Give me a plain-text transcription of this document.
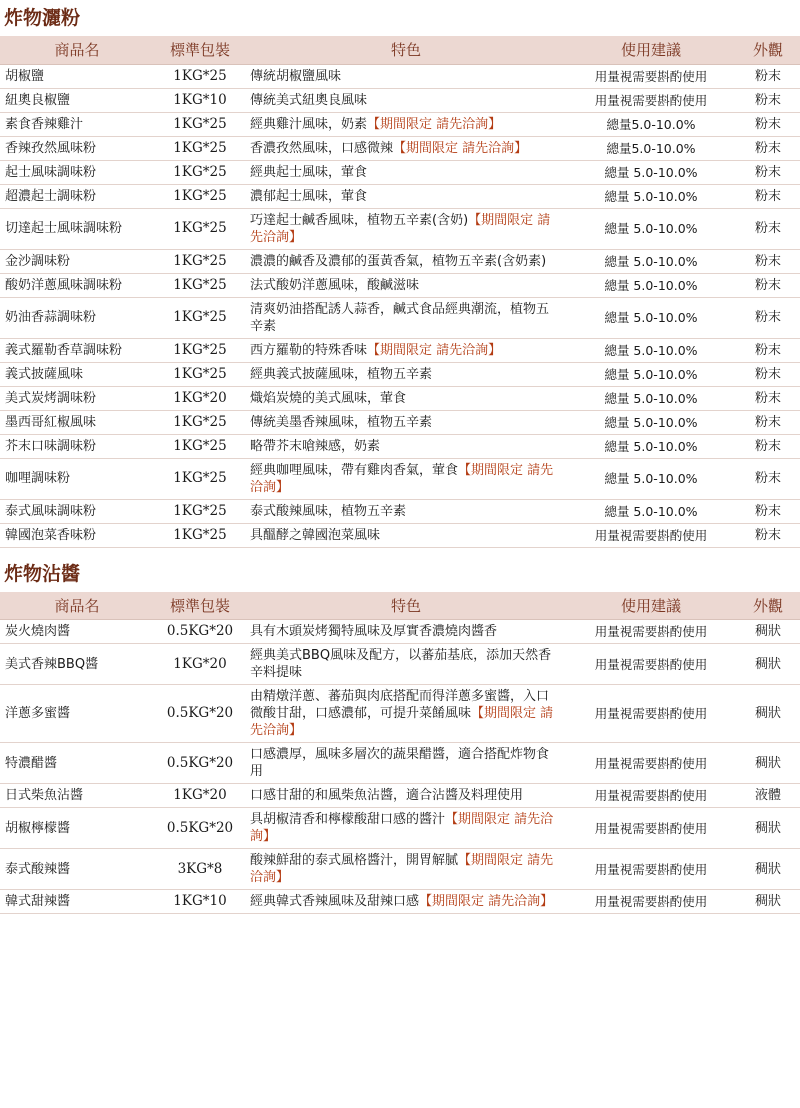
炸物灑粉
商品名	標準包裝	特色	使用建議	外觀
胡椒鹽	1KG*25	傳統胡椒鹽風味	用量視需要斟酌使用	粉末
紐奧良椒鹽	1KG*10	傳統美式紐奧良風味	用量視需要斟酌使用	粉末
素食香辣雞汁	1KG*25	經典雞汁風味，奶素【期間限定 請先洽詢】	總量5.0-10.0%	粉末
香辣孜然風味粉	1KG*25	香濃孜然風味，口感微辣【期間限定 請先洽詢】	總量5.0-10.0%	粉末
起士風味調味粉	1KG*25	經典起士風味，葷食	總量 5.0-10.0%	粉末
超濃起士調味粉	1KG*25	濃郁起士風味，葷食	總量 5.0-10.0%	粉末
切達起士風味調味粉	1KG*25	巧達起士鹹香風味，植物五辛素(含奶)【期間限定 請先洽詢】	總量 5.0-10.0%	粉末
金沙調味粉	1KG*25	濃濃的鹹香及濃郁的蛋黃香氣，植物五辛素(含奶素)	總量 5.0-10.0%	粉末
酸奶洋蔥風味調味粉	1KG*25	法式酸奶洋蔥風味，酸鹹滋味	總量 5.0-10.0%	粉末
奶油香蒜調味粉	1KG*25	清爽奶油搭配誘人蒜香，鹹式食品經典潮流，植物五辛素	總量 5.0-10.0%	粉末
義式羅勒香草調味粉	1KG*25	西方羅勒的特殊香味【期間限定 請先洽詢】	總量 5.0-10.0%	粉末
義式披薩風味	1KG*25	經典義式披薩風味，植物五辛素	總量 5.0-10.0%	粉末
美式炭烤調味粉	1KG*20	熾焰炭燒的美式風味，葷食	總量 5.0-10.0%	粉末
墨西哥紅椒風味	1KG*25	傳統美墨香辣風味，植物五辛素	總量 5.0-10.0%	粉末
芥末口味調味粉	1KG*25	略帶芥末嗆辣感，奶素	總量 5.0-10.0%	粉末
咖哩調味粉	1KG*25	經典咖哩風味，帶有雞肉香氣，葷食【期間限定 請先洽詢】	總量 5.0-10.0%	粉末
泰式風味調味粉	1KG*25	泰式酸辣風味，植物五辛素	總量 5.0-10.0%	粉末
韓國泡菜香味粉	1KG*25	具醞酵之韓國泡菜風味	用量視需要斟酌使用	粉末
炸物沾醬
商品名	標準包裝	特色	使用建議	外觀
炭火燒肉醬	0.5KG*20	具有木頭炭烤獨特風味及厚實香濃燒肉醬香	用量視需要斟酌使用	稠狀
美式香辣BBQ醬	1KG*20	經典美式BBQ風味及配方，以蕃茄基底，添加天然香辛料提味	用量視需要斟酌使用	稠狀
洋蔥多蜜醬	0.5KG*20	由精燉洋蔥、蕃茄與肉底搭配而得洋蔥多蜜醬，入口微酸甘甜，口感濃郁，可提升菜餚風味【期間限定 請先洽詢】	用量視需要斟酌使用	稠狀
特濃醋醬	0.5KG*20	口感濃厚，風味多層次的蔬果醋醬，適合搭配炸物食用	用量視需要斟酌使用	稠狀
日式柴魚沾醬	1KG*20	口感甘甜的和風柴魚沾醬，適合沾醬及料理使用	用量視需要斟酌使用	液體
胡椒檸檬醬	0.5KG*20	具胡椒清香和檸檬酸甜口感的醬汁【期間限定 請先洽詢】	用量視需要斟酌使用	稠狀
泰式酸辣醬	3KG*8	酸辣鮮甜的泰式風格醬汁，開胃解膩【期間限定 請先洽詢】	用量視需要斟酌使用	稠狀
韓式甜辣醬	1KG*10	經典韓式香辣風味及甜辣口感【期間限定 請先洽詢】	用量視需要斟酌使用	稠狀
